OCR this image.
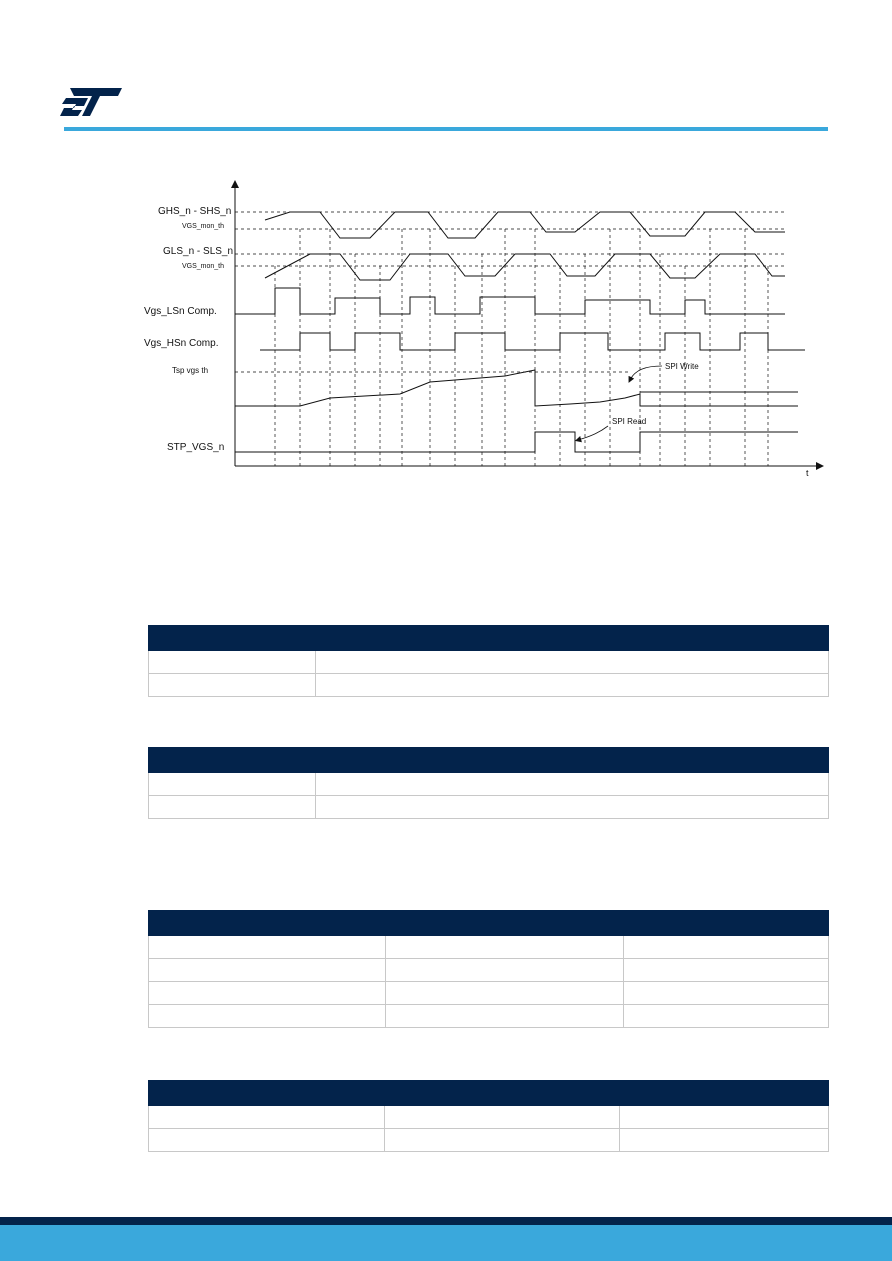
GHS_n - SHS_n
VGS_mon_th
GLS_n - SLS_n
VGS_mon_th
Vgs_LSn Comp.
Vgs_HSn Comp.
Tsp vgs th
STP_VGS_n
SPI Write
SPI Read
t
